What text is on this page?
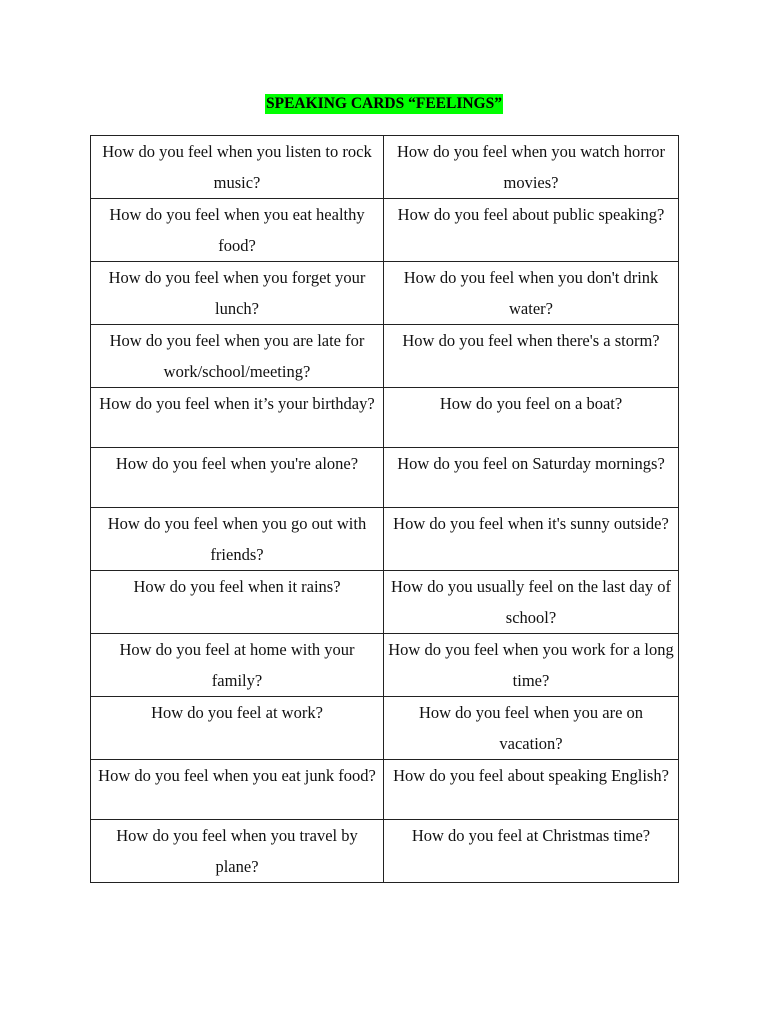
SPEAKING CARDS “FEELINGS”
How do you feel when you listen to rock music?	How do you feel when you watch horror movies?
How do you feel when you eat healthy food?	How do you feel about public speaking?
How do you feel when you forget your lunch?	How do you feel when you don't drink water?
How do you feel when you are late for work/school/meeting?	How do you feel when there's a storm?
How do you feel when it’s your birthday?	How do you feel on a boat?
How do you feel when you're alone?	How do you feel on Saturday mornings?
How do you feel when you go out with friends?	How do you feel when it's sunny outside?
How do you feel when it rains?	How do you usually feel on the last day of school?
How do you feel at home with your family?	How do you feel when you work for a long time?
How do you feel at work?	How do you feel when you are on vacation?
How do you feel when you eat junk food?	How do you feel about speaking English?
How do you feel when you travel by plane?	How do you feel at Christmas time?
